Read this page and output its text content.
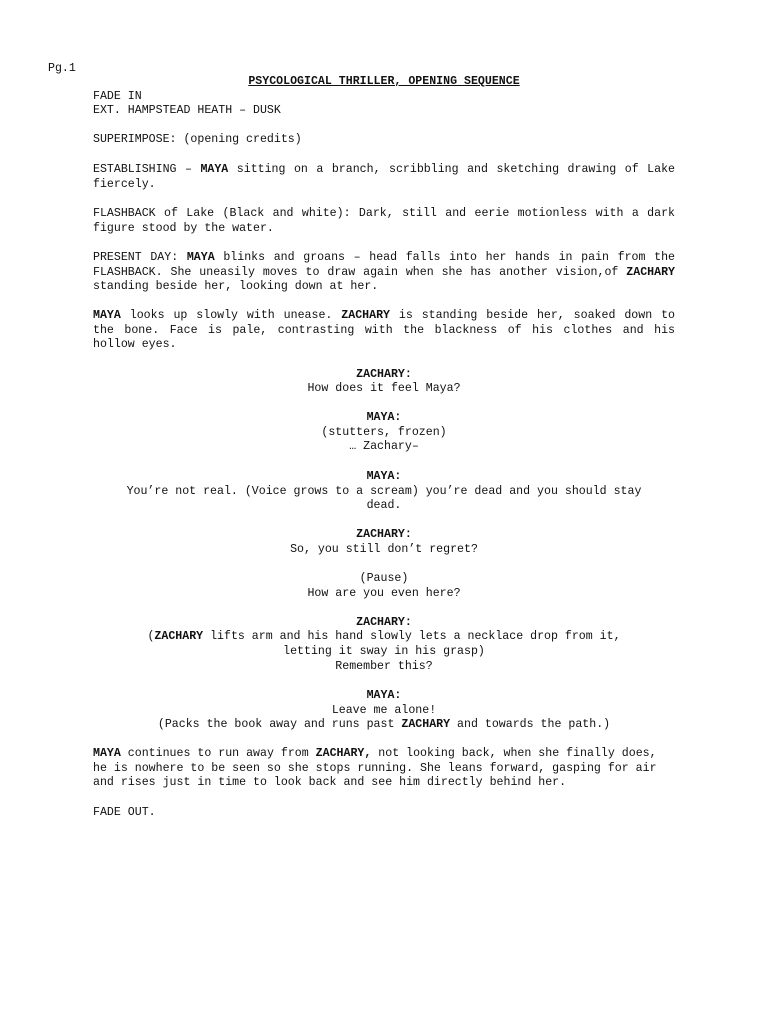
Pg.1
PSYCOLOGICAL THRILLER, OPENING SEQUENCE
FADE IN
EXT. HAMPSTEAD HEATH – DUSK
SUPERIMPOSE: (opening credits)
ESTABLISHING – MAYA sitting on a branch, scribbling and sketching drawing of Lake fiercely.
FLASHBACK of Lake (Black and white): Dark, still and eerie motionless with a dark figure stood by the water.
PRESENT DAY: MAYA blinks and groans – head falls into her hands in pain from the FLASHBACK. She uneasily moves to draw again when she has another vision,of ZACHARY standing beside her, looking down at her.
MAYA looks up slowly with unease. ZACHARY is standing beside her, soaked down to the bone. Face is pale, contrasting with the blackness of his clothes and his hollow eyes.
ZACHARY:
How does it feel Maya?
MAYA:
(stutters, frozen)
… Zachary–
MAYA:
You’re not real. (Voice grows to a scream) you’re dead and you should stay
dead.
ZACHARY:
So, you still don’t regret?
(Pause)
How are you even here?
ZACHARY:
(ZACHARY lifts arm and his hand slowly lets a necklace drop from it,
letting it sway in his grasp)
Remember this?
MAYA:
Leave me alone!
(Packs the book away and runs past ZACHARY and towards the path.)
MAYA continues to run away from ZACHARY, not looking back, when she finally does, he is nowhere to be seen so she stops running. She leans forward, gasping for air and rises just in time to look back and see him directly behind her.
FADE OUT.
